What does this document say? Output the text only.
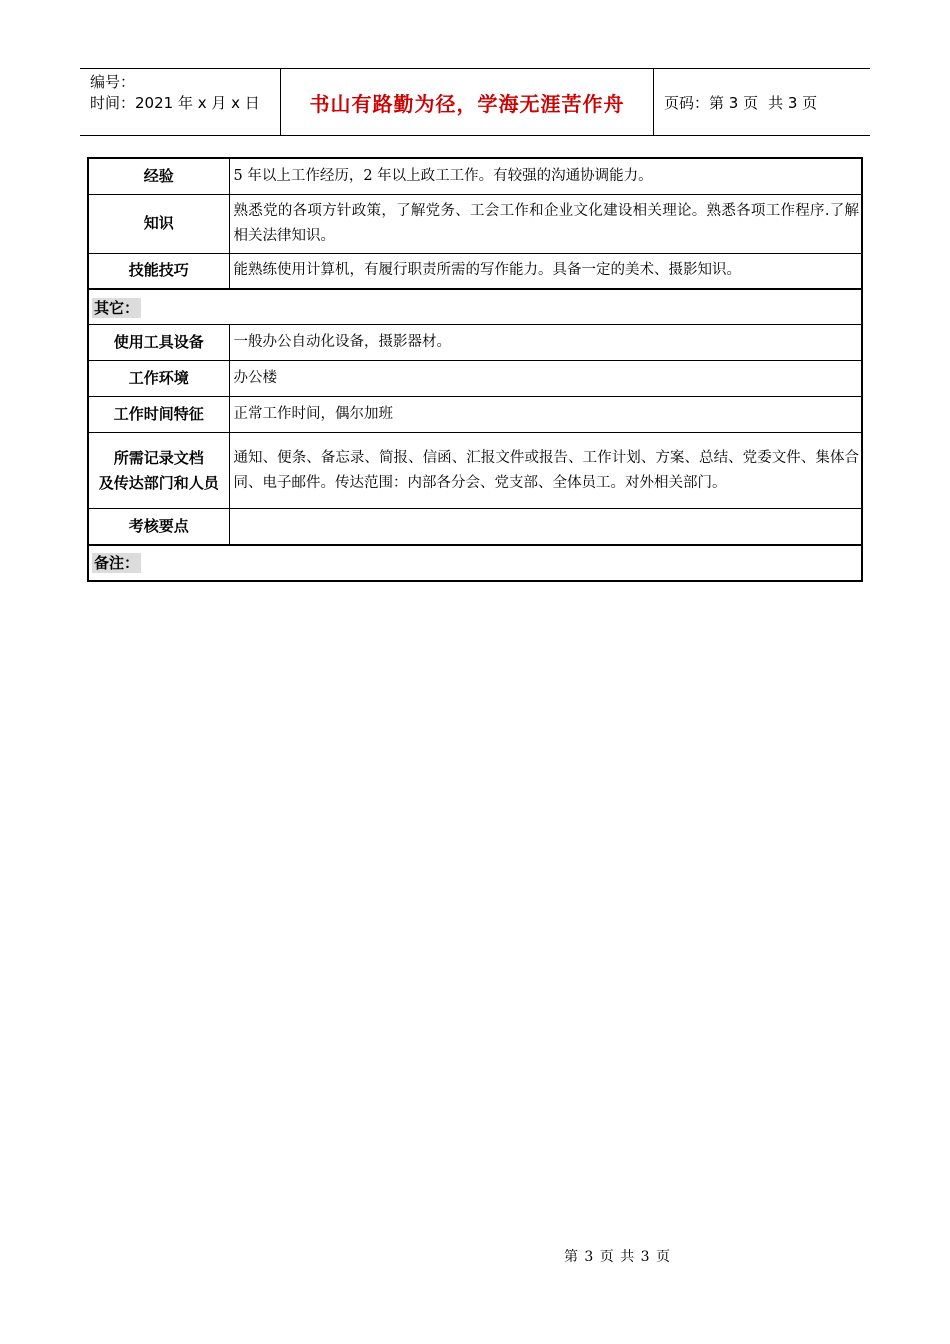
编号：
时间：2021 年 x 月 x 日	书山有路勤为径，学海无涯苦作舟	页码：第 3 页 共 3 页
经验	5 年以上工作经历，2 年以上政工工作。有较强的沟通协调能力。
知识	熟悉党的各项方针政策，了解党务、工会工作和企业文化建设相关理论。熟悉各项工作程序.了解相关法律知识。
技能技巧	能熟练使用计算机，有履行职责所需的写作能力。具备一定的美术、摄影知识。
其它：	
使用工具设备	一般办公自动化设备，摄影器材。
工作环境	办公楼
工作时间特征	正常工作时间，偶尔加班

所需记录文档
及传达部门和人员	通知、便条、备忘录、简报、信函、汇报文件或报告、工作计划、方案、总结、党委文件、集体合同、电子邮件。传达范围：内部各分会、党支部、全体员工。对外相关部门。
考核要点	
备注：	
第 3 页 共 3 页
